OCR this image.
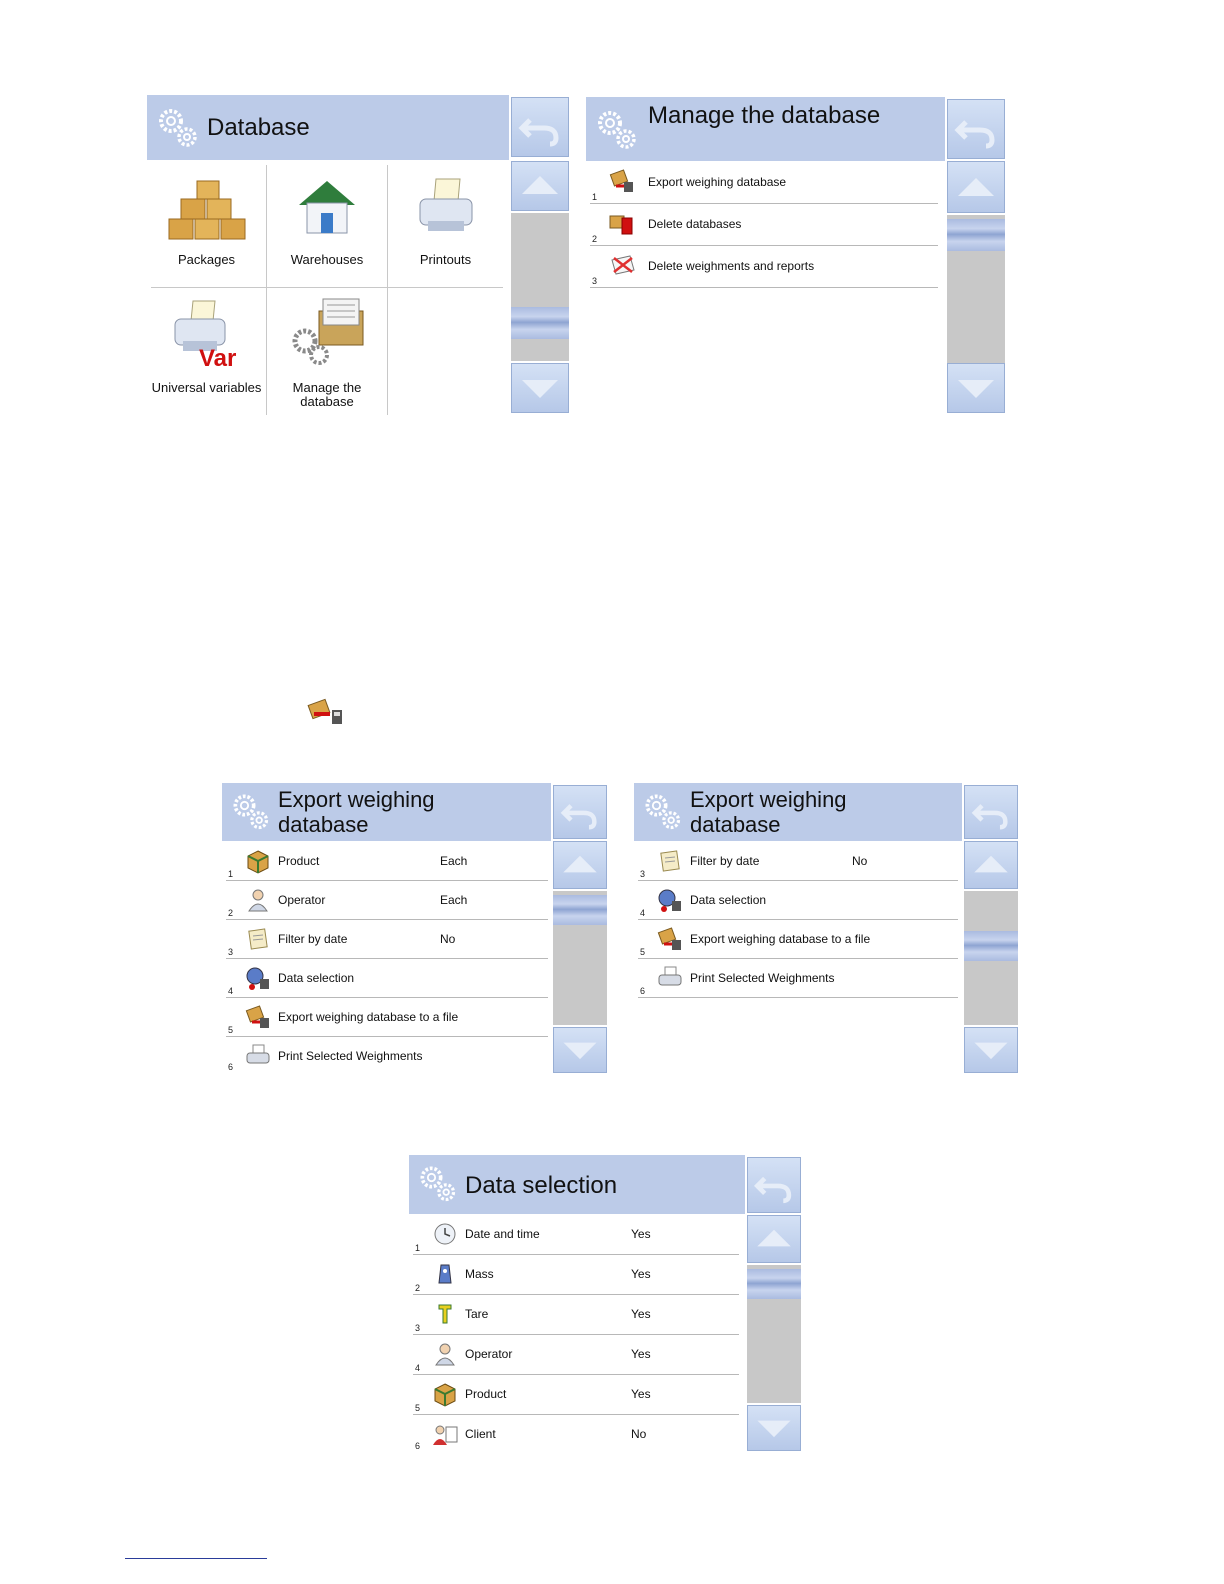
Database
Packages	Warehouses	Printouts
Var
Universal variables	Manage the database
Manage the database
1
Export weighing database
2
Delete databases
3
Delete weighments and reports
Export weighing database
1
Product	Each
2
Operator	Each
3
Filter by date	No
4
Data selection
5
Export weighing database to a file
6
Print Selected Weighments
Export weighing database
3
Filter by date	No
4
Data selection
5
Export weighing database to a file
6
Print Selected Weighments
Data selection
1
Date and time	Yes
2
Mass	Yes
3
Tare	Yes
4
Operator	Yes
5
Product	Yes
6
Client	No
